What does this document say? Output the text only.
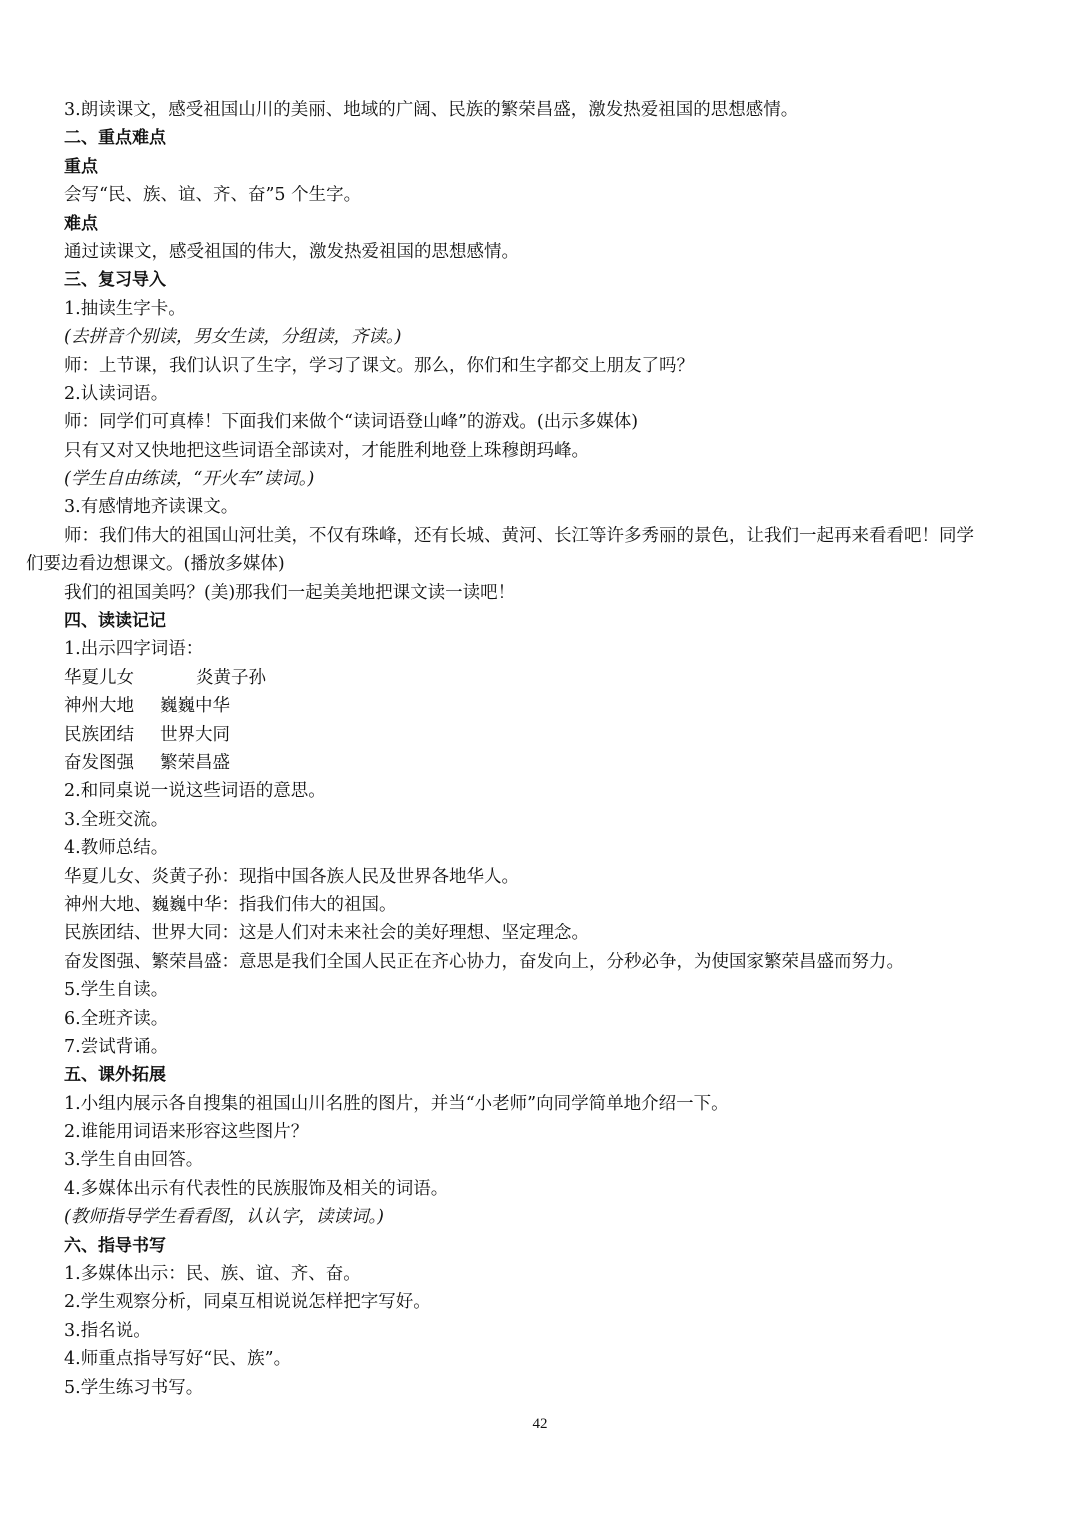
3.朗读课文，感受祖国山川的美丽、地域的广阔、民族的繁荣昌盛，激发热爱祖国的思想感情。
二、重点难点
重点
会写“民、族、谊、齐、奋”5 个生字。
难点
通过读课文，感受祖国的伟大，激发热爱祖国的思想感情。
三、复习导入
1.抽读生字卡。
(去拼音个别读，男女生读，分组读，齐读。)
师：上节课，我们认识了生字，学习了课文。那么，你们和生字都交上朋友了吗？
2.认读词语。
师：同学们可真棒！下面我们来做个“读词语登山峰”的游戏。(出示多媒体)
只有又对又快地把这些词语全部读对，才能胜利地登上珠穆朗玛峰。
(学生自由练读，“开火车”读词。)
3.有感情地齐读课文。
师：我们伟大的祖国山河壮美，不仅有珠峰，还有长城、黄河、长江等许多秀丽的景色，让我们一起再来看看吧！同学
们要边看边想课文。(播放多媒体)
我们的祖国美吗？(美)那我们一起美美地把课文读一读吧！
四、读读记记
1.出示四字词语：
华夏儿女	炎黄子孙
神州大地 巍巍中华
民族团结 世界大同
奋发图强 繁荣昌盛
2.和同桌说一说这些词语的意思。
3.全班交流。
4.教师总结。
华夏儿女、炎黄子孙：现指中国各族人民及世界各地华人。
神州大地、巍巍中华：指我们伟大的祖国。
民族团结、世界大同：这是人们对未来社会的美好理想、坚定理念。
奋发图强、繁荣昌盛：意思是我们全国人民正在齐心协力，奋发向上，分秒必争，为使国家繁荣昌盛而努力。
5.学生自读。
6.全班齐读。
7.尝试背诵。
五、课外拓展
1.小组内展示各自搜集的祖国山川名胜的图片，并当“小老师”向同学简单地介绍一下。
2.谁能用词语来形容这些图片？
3.学生自由回答。
4.多媒体出示有代表性的民族服饰及相关的词语。
(教师指导学生看看图，认认字，读读词。)
六、指导书写
1.多媒体出示：民、族、谊、齐、奋。
2.学生观察分析，同桌互相说说怎样把字写好。
3.指名说。
4.师重点指导写好“民、族”。
5.学生练习书写。
42
